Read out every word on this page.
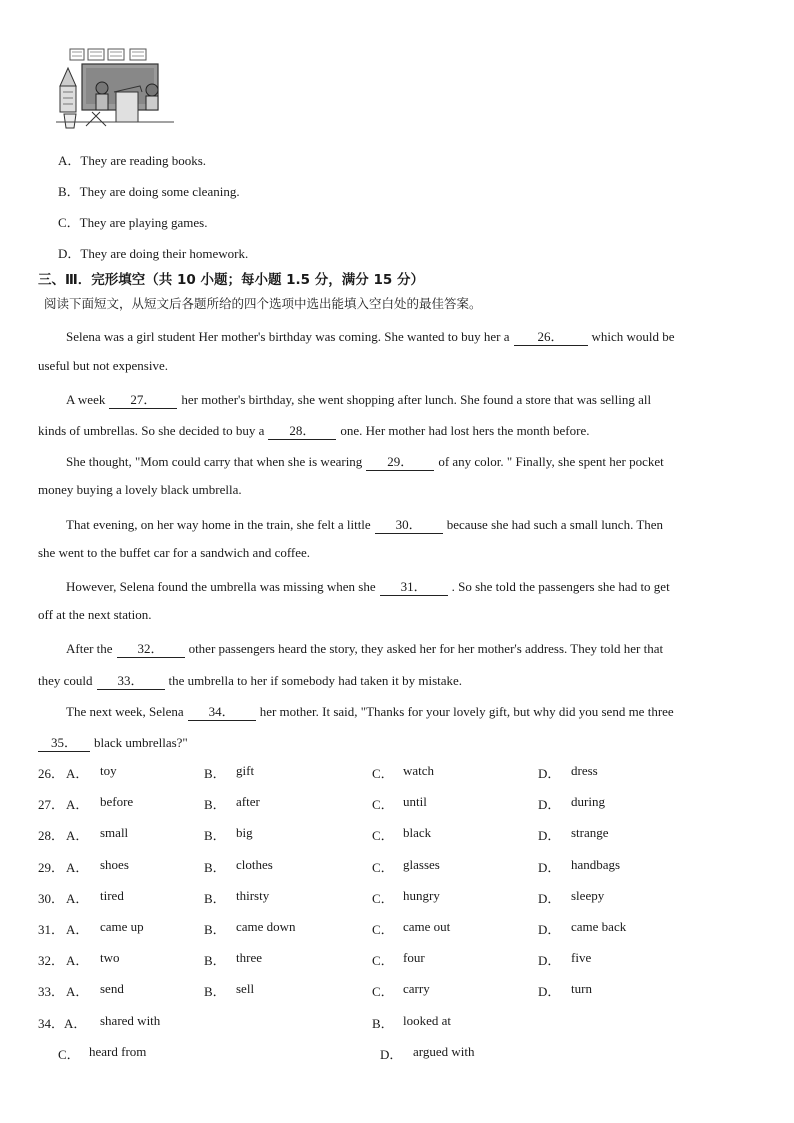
A．They are reading books.
B．They are doing some cleaning.
C．They are playing games.
D．They are doing their homework.
三、Ⅲ．完形填空（共 10 小题；每小题 1.5 分，满分 15 分）
阅读下面短文，从短文后各题所给的四个选项中选出能填入空白处的最佳答案。
Selena was a girl student Her mother's birthday was coming. She wanted to buy her a 26． which would be
useful but not expensive.
A week 27． her mother's birthday, she went shopping after lunch. She found a store that was selling all
kinds of umbrellas. So she decided to buy a 28． one. Her mother had lost hers the month before.
She thought, "Mom could carry that when she is wearing 29． of any color. " Finally, she spent her pocket
money buying a lovely black umbrella.
That evening, on her way home in the train, she felt a little 30． because she had such a small lunch. Then
she went to the buffet car for a sandwich and coffee.
However, Selena found the umbrella was missing when she 31． . So she told the passengers she had to get
off at the next station.
After the 32． other passengers heard the story, they asked her for her mother's address. They told her that
they could 33． the umbrella to her if somebody had taken it by mistake.
The next week, Selena 34． her mother. It said, "Thanks for your lovely gift, but why did you send me three
35． black umbrellas?"
26． A． toy	B． gift	C． watch	D． dress
27． A． before	B． after	C． until	D． during
28． A． small	B． big	C． black	D． strange
29． A． shoes	B． clothes	C． glasses	D． handbags
30． A． tired	B． thirsty	C． hungry	D． sleepy
31． A． came up	B． came down	C． came out	D． came back
32． A． two	B． three	C． four	D． five
33． A． send	B． sell	C． carry	D． turn
34．A． shared with	B． looked at
C． heard from	D． argued with
